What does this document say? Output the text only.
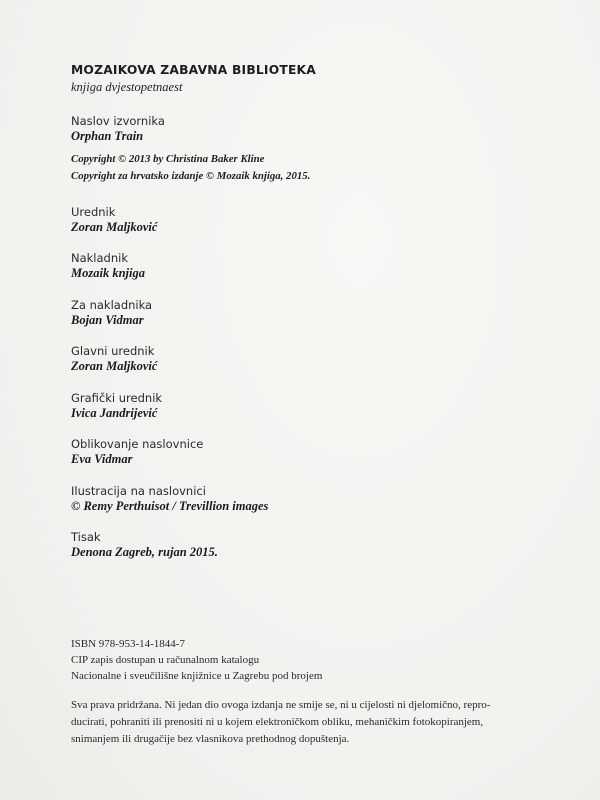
MOZAIKOVA ZABAVNA BIBLIOTEKA
knjiga dvjestopetnaest
Naslov izvornika
Orphan Train
Copyright © 2013 by Christina Baker Kline
Copyright za hrvatsko izdanje © Mozaik knjiga, 2015.
Urednik
Zoran Maljković
Nakladnik
Mozaik knjiga
Za nakladnika
Bojan Vidmar
Glavni urednik
Zoran Maljković
Grafički urednik
Ivica Jandrijević
Oblikovanje naslovnice
Eva Vidmar
Ilustracija na naslovnici
© Remy Perthuisot / Trevillion images
Tisak
Denona Zagreb, rujan 2015.
ISBN 978-953-14-1844-7
CIP zapis dostupan u računalnom katalogu
Nacionalne i sveučilišne knjižnice u Zagrebu pod brojem
Sva prava pridržana. Ni jedan dio ovoga izdanja ne smije se, ni u cijelosti ni djelomično, repro-
ducirati, pohraniti ili prenositi ni u kojem elektroničkom obliku, mehaničkim fotokopiranjem,
snimanjem ili drugačije bez vlasnikova prethodnog dopuštenja.
